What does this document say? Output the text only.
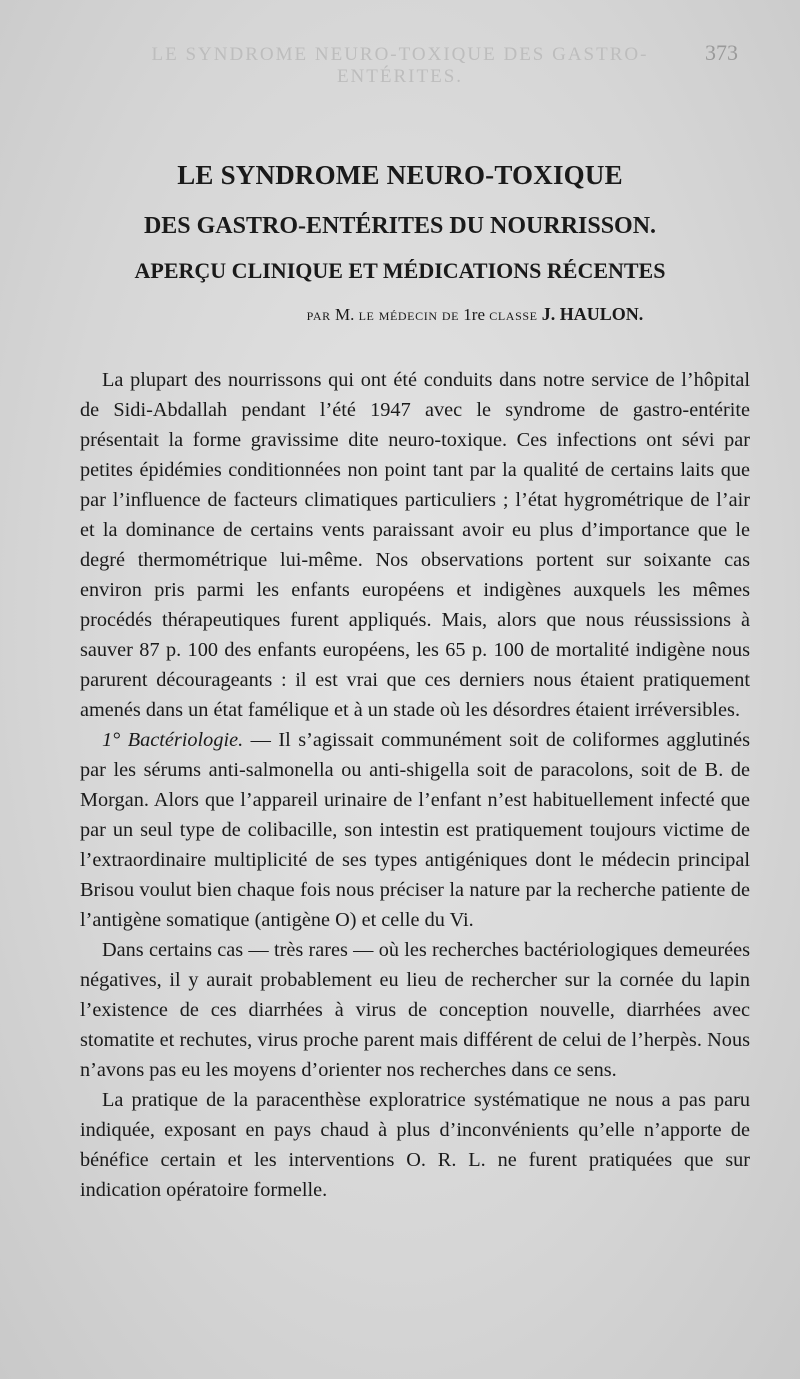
LE SYNDROME NEURO-TOXIQUE DES GASTRO-ENTÉRITES.
373
LE SYNDROME NEURO-TOXIQUE
DES GASTRO-ENTÉRITES DU NOURRISSON.
APERÇU CLINIQUE ET MÉDICATIONS RÉCENTES
PAR M. LE MÉDECIN DE 1re CLASSE J. HAULON.

La plupart des nourrissons qui ont été conduits dans notre service de l’hôpital de Sidi-Abdallah pendant l’été 1947 avec le syndrome de gastro-entérite présentait la forme gravissime dite neuro-toxique. Ces infections ont sévi par petites épidémies conditionnées non point tant par la qualité de certains laits que par l’influence de facteurs climatiques particuliers ; l’état hygrométrique de l’air et la dominance de certains vents paraissant avoir eu plus d’importance que le degré thermométrique lui-même. Nos observations portent sur soixante cas environ pris parmi les enfants européens et indigènes auxquels les mêmes procédés thérapeutiques furent appliqués. Mais, alors que nous réussissions à sauver 87 p. 100 des enfants européens, les 65 p. 100 de mortalité indigène nous parurent décourageants : il est vrai que ces derniers nous étaient pratiquement amenés dans un état famélique et à un stade où les désordres étaient irréversibles.

1° Bactériologie. — Il s’agissait communément soit de coliformes agglutinés par les sérums anti-salmonella ou anti-shigella soit de paracolons, soit de B. de Morgan. Alors que l’appareil urinaire de l’enfant n’est habituellement infecté que par un seul type de colibacille, son intestin est pratiquement toujours victime de l’extraordinaire multiplicité de ses types antigéniques dont le médecin principal Brisou voulut bien chaque fois nous préciser la nature par la recherche patiente de l’antigène somatique (antigène O) et celle du Vi.

Dans certains cas — très rares — où les recherches bactériologiques demeurées négatives, il y aurait probablement eu lieu de rechercher sur la cornée du lapin l’existence de ces diarrhées à virus de conception nouvelle, diarrhées avec stomatite et rechutes, virus proche parent mais différent de celui de l’herpès. Nous n’avons pas eu les moyens d’orienter nos recherches dans ce sens.

La pratique de la paracenthèse exploratrice systématique ne nous a pas paru indiquée, exposant en pays chaud à plus d’inconvénients qu’elle n’apporte de bénéfice certain et les interventions O. R. L. ne furent pratiquées que sur indication opératoire formelle.
